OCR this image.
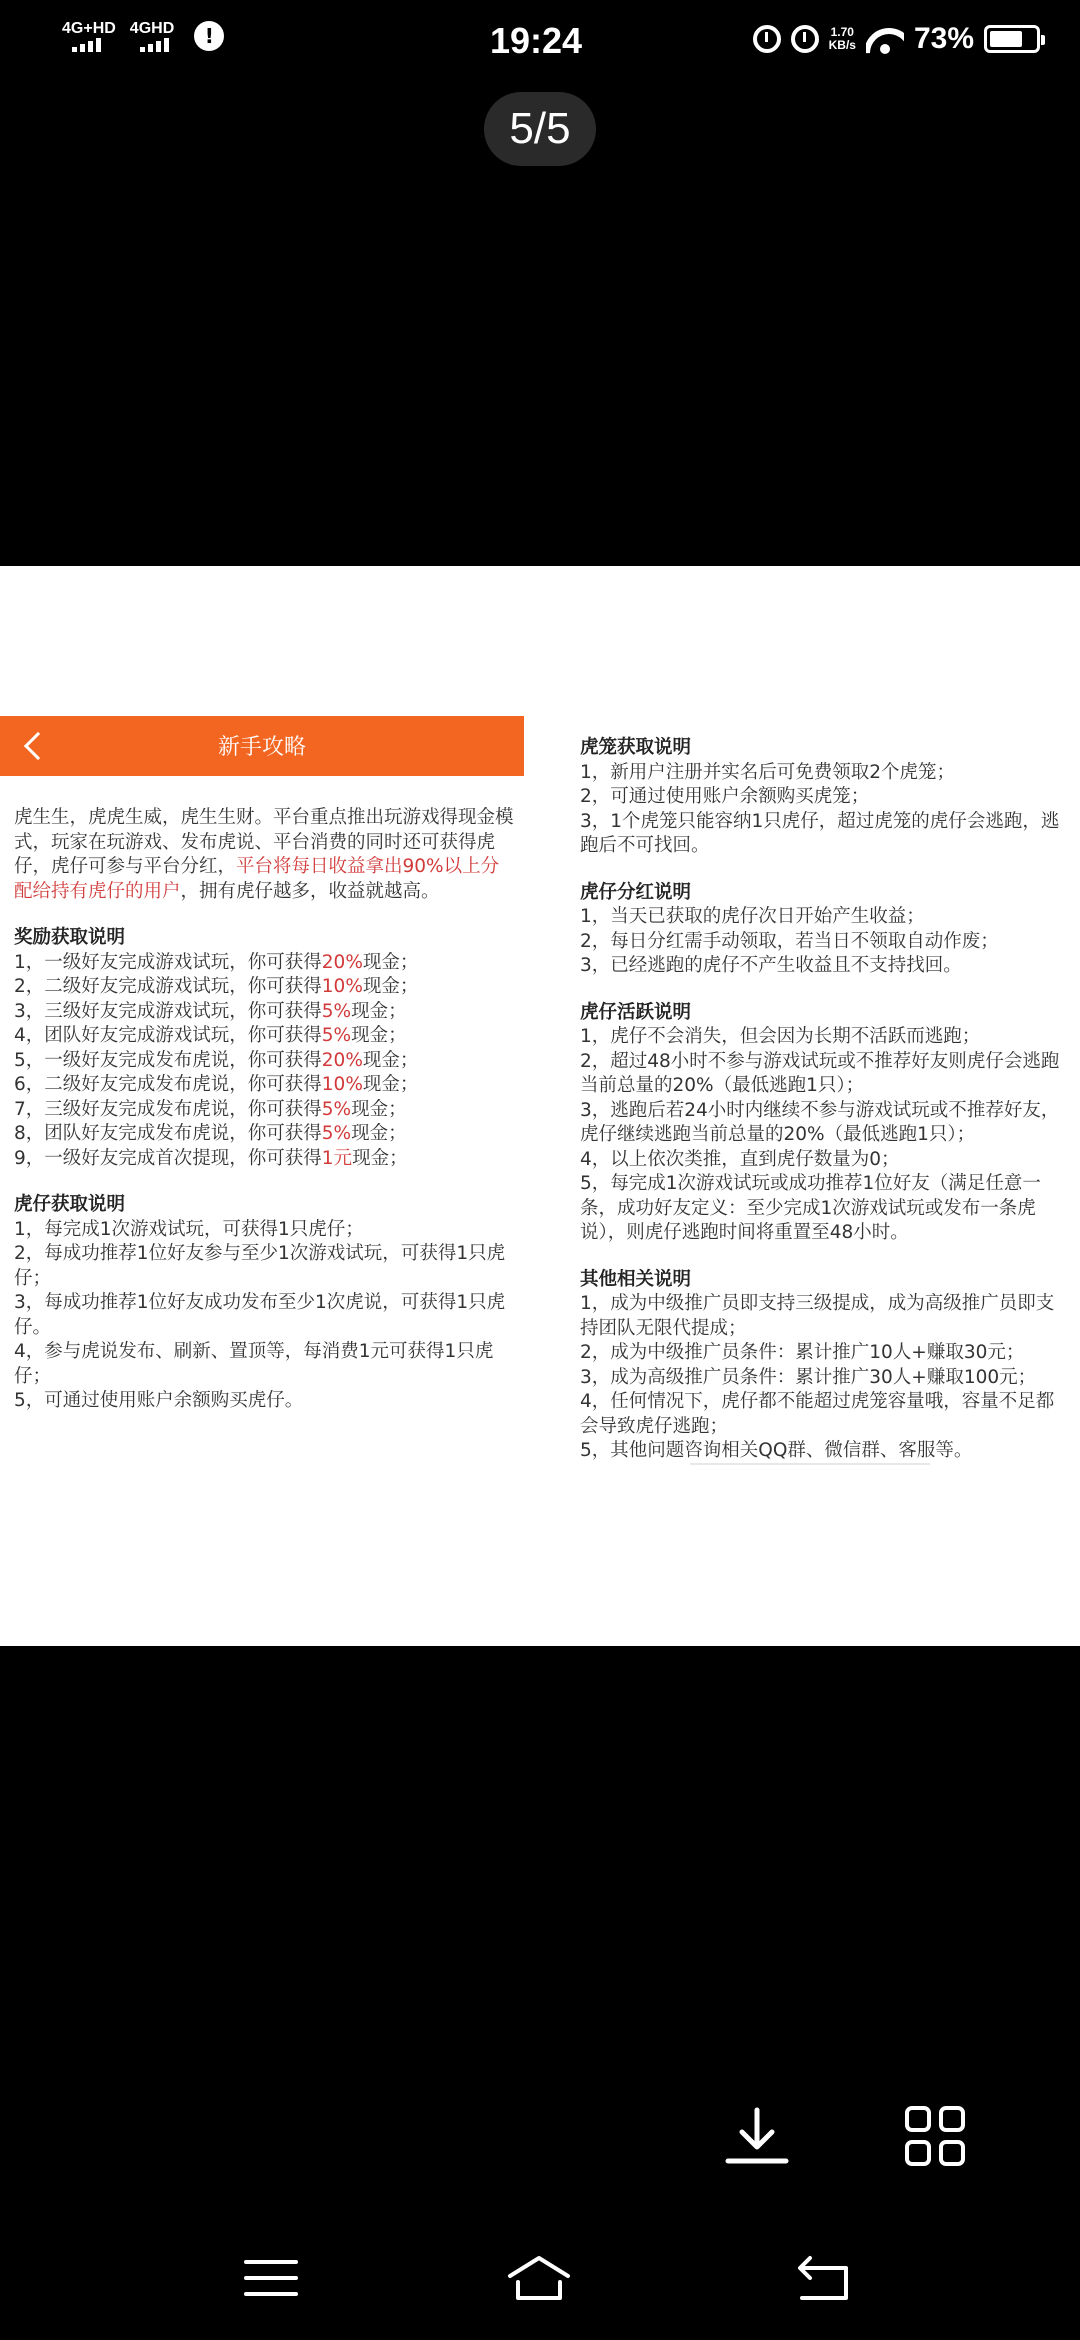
4G+HD 4GHD	!	19:24	1.70
KB/s 73%
5/5
新手攻略
虎生生，虎虎生威，虎生生财。平台重点推出玩游戏得现金模式，玩家在玩游戏、发布虎说、平台消费的同时还可获得虎仔，虎仔可参与平台分红，平台将每日收益拿出90%以上分配给持有虎仔的用户，拥有虎仔越多，收益就越高。
奖励获取说明

1，一级好友完成游戏试玩，你可获得20%现金；

2，二级好友完成游戏试玩，你可获得10%现金；

3，三级好友完成游戏试玩，你可获得5%现金；

4，团队好友完成游戏试玩，你可获得5%现金；

5，一级好友完成发布虎说，你可获得20%现金；

6，二级好友完成发布虎说，你可获得10%现金；

7，三级好友完成发布虎说，你可获得5%现金；

8，团队好友完成发布虎说，你可获得5%现金；

9，一级好友完成首次提现，你可获得1元现金；

虎仔获取说明

1，每完成1次游戏试玩，可获得1只虎仔；

2，每成功推荐1位好友参与至少1次游戏试玩，可获得1只虎仔；

3，每成功推荐1位好友成功发布至少1次虎说，可获得1只虎仔。

4，参与虎说发布、刷新、置顶等，每消费1元可获得1只虎仔；

5，可通过使用账户余额购买虎仔。

虎笼获取说明

1，新用户注册并实名后可免费领取2个虎笼；

2，可通过使用账户余额购买虎笼；

3，1个虎笼只能容纳1只虎仔，超过虎笼的虎仔会逃跑，逃跑后不可找回。

虎仔分红说明

1，当天已获取的虎仔次日开始产生收益；

2，每日分红需手动领取，若当日不领取自动作废；

3，已经逃跑的虎仔不产生收益且不支持找回。

虎仔活跃说明

1，虎仔不会消失，但会因为长期不活跃而逃跑；

2，超过48小时不参与游戏试玩或不推荐好友则虎仔会逃跑当前总量的20%（最低逃跑1只）；

3，逃跑后若24小时内继续不参与游戏试玩或不推荐好友，虎仔继续逃跑当前总量的20%（最低逃跑1只）；

4，以上依次类推，直到虎仔数量为0；

5，每完成1次游戏试玩或成功推荐1位好友（满足任意一条，成功好友定义：至少完成1次游戏试玩或发布一条虎说），则虎仔逃跑时间将重置至48小时。

其他相关说明

1，成为中级推广员即支持三级提成，成为高级推广员即支持团队无限代提成；

2，成为中级推广员条件：累计推广10人+赚取30元；

3，成为高级推广员条件：累计推广30人+赚取100元；

4，任何情况下，虎仔都不能超过虎笼容量哦，容量不足都会导致虎仔逃跑；

5，其他问题咨询相关QQ群、微信群、客服等。
